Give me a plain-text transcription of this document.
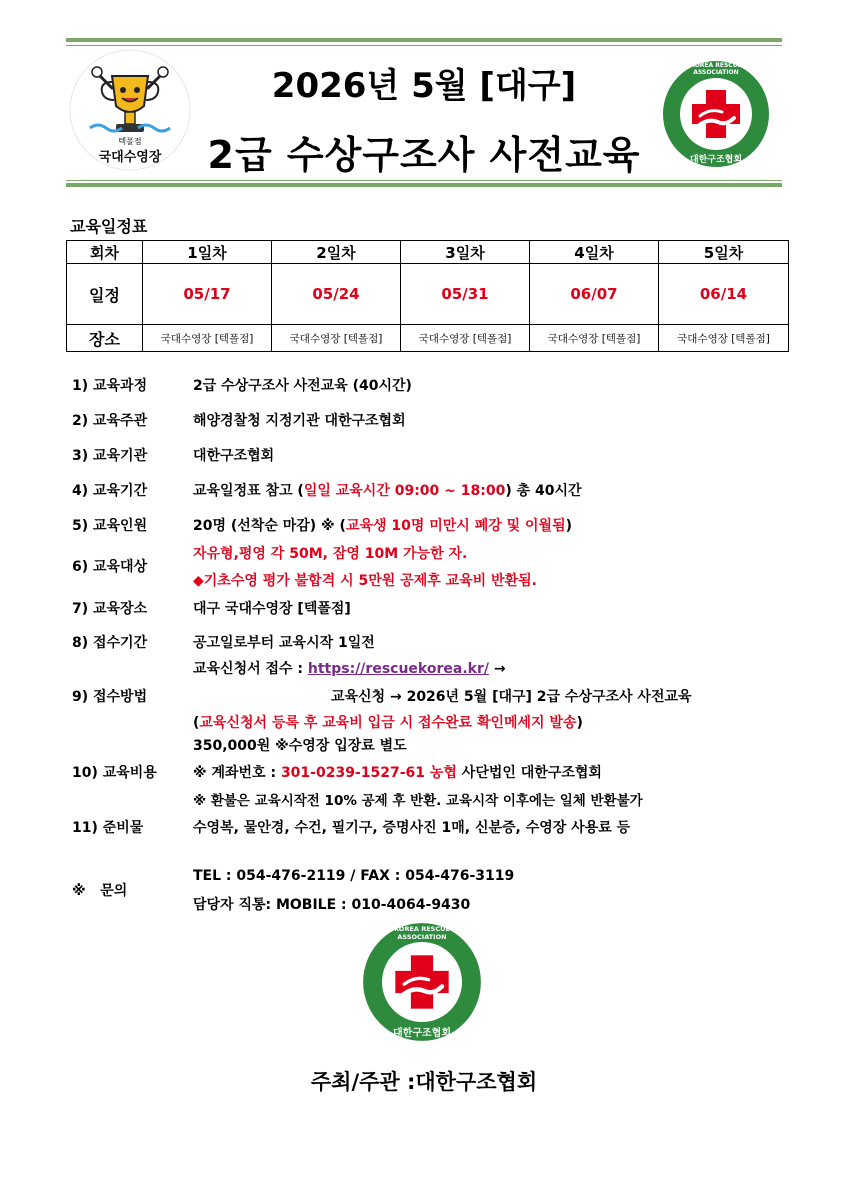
텍폴점
국대수영장
2026년 5월 [대구]
2급 수상구조사 사전교육
KOREA RESCUE ASSOCIATION
대한구조협회
교육일정표
회차	1일차	2일차	3일차	4일차	5일차
일정	05/17	05/24	05/31	06/07	06/14
장소	국대수영장 [텍폴점]	국대수영장 [텍폴점]	국대수영장 [텍폴점]	국대수영장 [텍폴점]	국대수영장 [텍폴점]
1) 교육과정	2급 수상구조사 사전교육 (40시간)
2) 교육주관	해양경찰청 지정기관 대한구조협회
3) 교육기관	대한구조협회
4) 교육기간	교육일정표 참고 (일일 교육시간 09:00 ~ 18:00) 총 40시간
5) 교육인원	20명 (선착순 마감) ※ (교육생 10명 미만시 폐강 및 이월됨)
6) 교육대상
자유형,평영 각 50M, 잠영 10M 가능한 자.
◆기초수영 평가 불합격 시 5만원 공제후 교육비 반환됨.
7) 교육장소	대구 국대수영장 [텍폴점]
8) 접수기간	공고일로부터 교육시작 1일전
교육신청서 접수 : https://rescuekorea.kr/ →
9) 접수방법	교육신청 → 2026년 5월 [대구] 2급 수상구조사 사전교육
(교육신청서 등록 후 교육비 입금 시 접수완료 확인메세지 발송)
350,000원 ※수영장 입장료 별도
10) 교육비용	※ 계좌번호 : 301-0239-1527-61 농협 사단법인 대한구조협회
※ 환불은 교육시작전 10% 공제 후 반환. 교육시작 이후에는 일체 반환불가
11) 준비물	수영복, 물안경, 수건, 필기구, 증명사진 1매, 신분증, 수영장 사용료 등
※   문의
TEL : 054-476-2119 / FAX : 054-476-3119
담당자 직통: MOBILE : 010-4064-9430
KOREA RESCUE ASSOCIATION
대한구조협회
주최/주관 :대한구조협회
